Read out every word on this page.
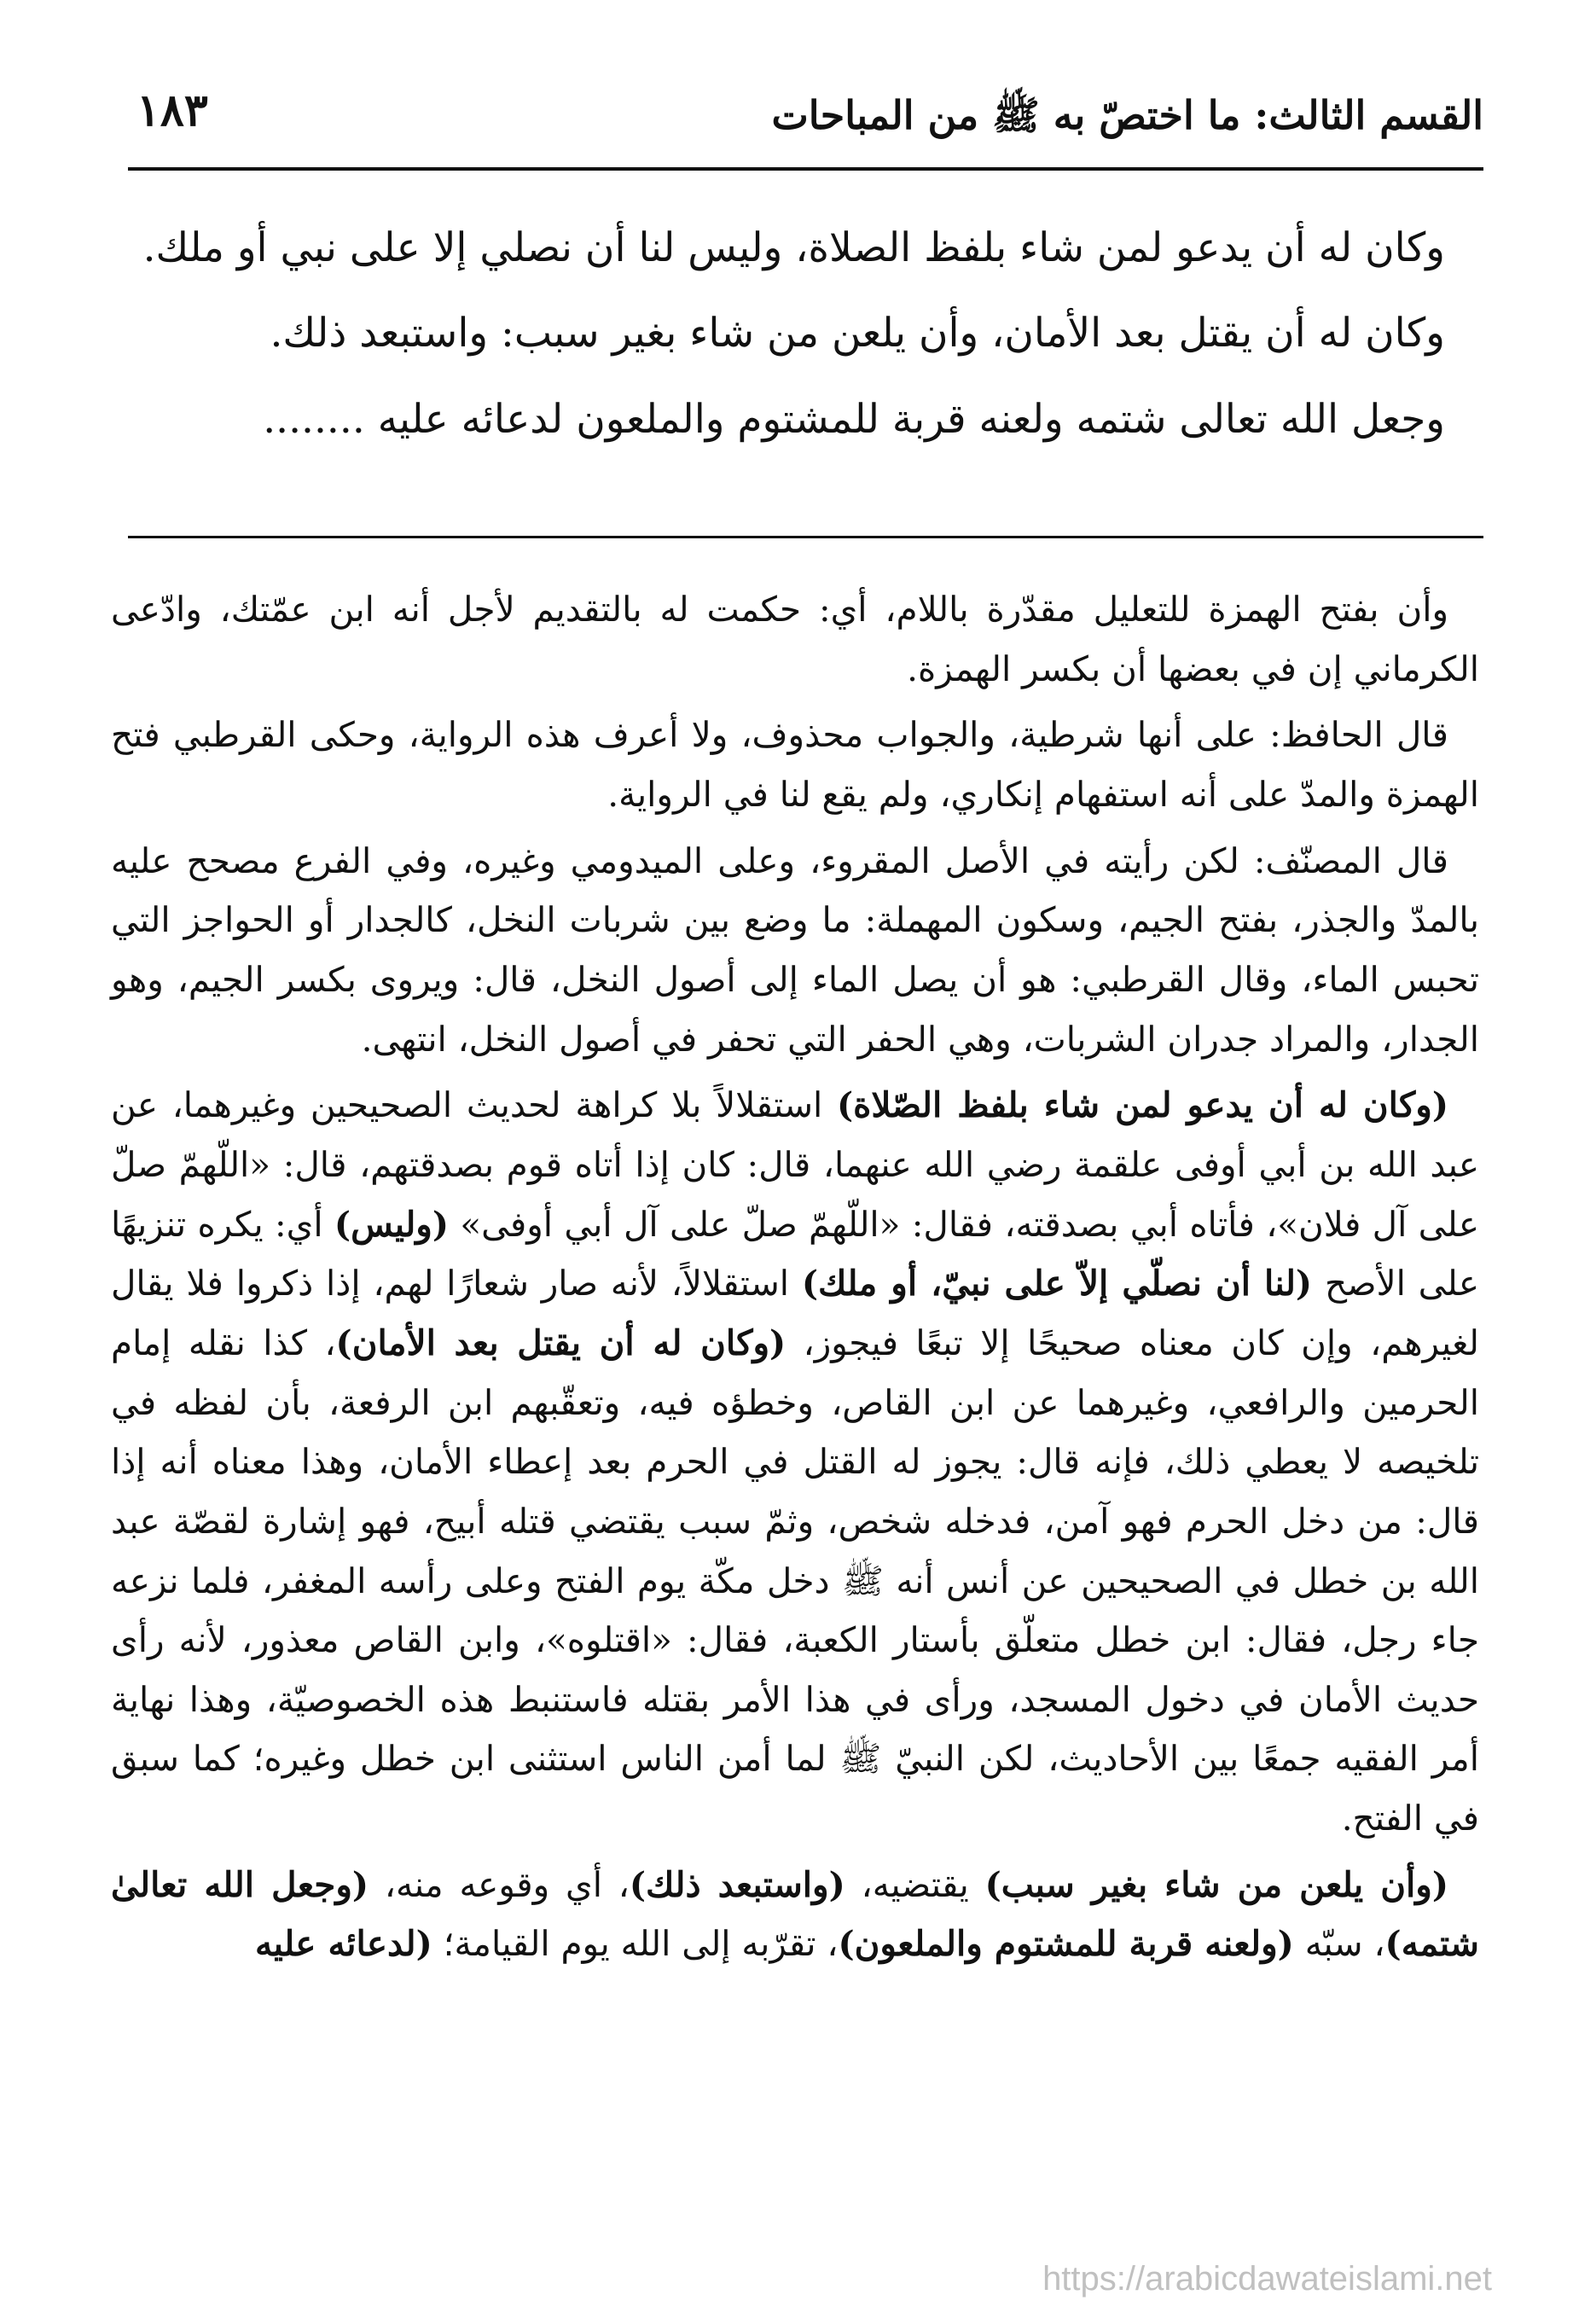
القسم الثالث: ما اختصّ به ﷺ من المباحات
١٨٣

وكان له أن يدعو لمن شاء بلفظ الصلاة، وليس لنا أن نصلي إلا على نبي أو ملك.

وكان له أن يقتل بعد الأمان، وأن يلعن من شاء بغير سبب: واستبعد ذلك.

وجعل الله تعالى شتمه ولعنه قربة للمشتوم والملعون لدعائه عليه ........

وأن بفتح الهمزة للتعليل مقدّرة باللام، أي: حكمت له بالتقديم لأجل أنه ابن عمّتك، وادّعى الكرماني إن في بعضها أن بكسر الهمزة.

قال الحافظ: على أنها شرطية، والجواب محذوف، ولا أعرف هذه الرواية، وحكى القرطبي فتح الهمزة والمدّ على أنه استفهام إنكاري، ولم يقع لنا في الرواية.

قال المصنّف: لكن رأيته في الأصل المقروء، وعلى الميدومي وغيره، وفي الفرع مصحح عليه بالمدّ والجذر، بفتح الجيم، وسكون المهملة: ما وضع بين شربات النخل، كالجدار أو الحواجز التي تحبس الماء، وقال القرطبي: هو أن يصل الماء إلى أصول النخل، قال: ويروى بكسر الجيم، وهو الجدار، والمراد جدران الشربات، وهي الحفر التي تحفر في أصول النخل، انتهى.

(وكان له أن يدعو لمن شاء بلفظ الصّلاة) استقلالاً بلا كراهة لحديث الصحيحين وغيرهما، عن عبد الله بن أبي أوفى علقمة رضي الله عنهما، قال: كان إذا أتاه قوم بصدقتهم، قال: «اللّهمّ صلّ على آل فلان»، فأتاه أبي بصدقته، فقال: «اللّهمّ صلّ على آل أبي أوفى» (وليس) أي: يكره تنزيهًا على الأصح (لنا أن نصلّي إلاّ على نبيّ، أو ملك) استقلالاً، لأنه صار شعارًا لهم، إذا ذكروا فلا يقال لغيرهم، وإن كان معناه صحيحًا إلا تبعًا فيجوز، (وكان له أن يقتل بعد الأمان)، كذا نقله إمام الحرمين والرافعي، وغيرهما عن ابن القاص، وخطؤه فيه، وتعقّبهم ابن الرفعة، بأن لفظه في تلخيصه لا يعطي ذلك، فإنه قال: يجوز له القتل في الحرم بعد إعطاء الأمان، وهذا معناه أنه إذا قال: من دخل الحرم فهو آمن، فدخله شخص، وثمّ سبب يقتضي قتله أبيح، فهو إشارة لقصّة عبد الله بن خطل في الصحيحين عن أنس أنه ﷺ دخل مكّة يوم الفتح وعلى رأسه المغفر، فلما نزعه جاء رجل، فقال: ابن خطل متعلّق بأستار الكعبة، فقال: «اقتلوه»، وابن القاص معذور، لأنه رأى حديث الأمان في دخول المسجد، ورأى في هذا الأمر بقتله فاستنبط هذه الخصوصيّة، وهذا نهاية أمر الفقيه جمعًا بين الأحاديث، لكن النبيّ ﷺ لما أمن الناس استثنى ابن خطل وغيره؛ كما سبق في الفتح.

(وأن يلعن من شاء بغير سبب) يقتضيه، (واستبعد ذلك)، أي وقوعه منه، (وجعل الله تعالىٰ شتمه)، سبّه (ولعنه قربة للمشتوم والملعون)، تقرّبه إلى الله يوم القيامة؛ (لدعائه عليه

https://arabicdawateislami.net
